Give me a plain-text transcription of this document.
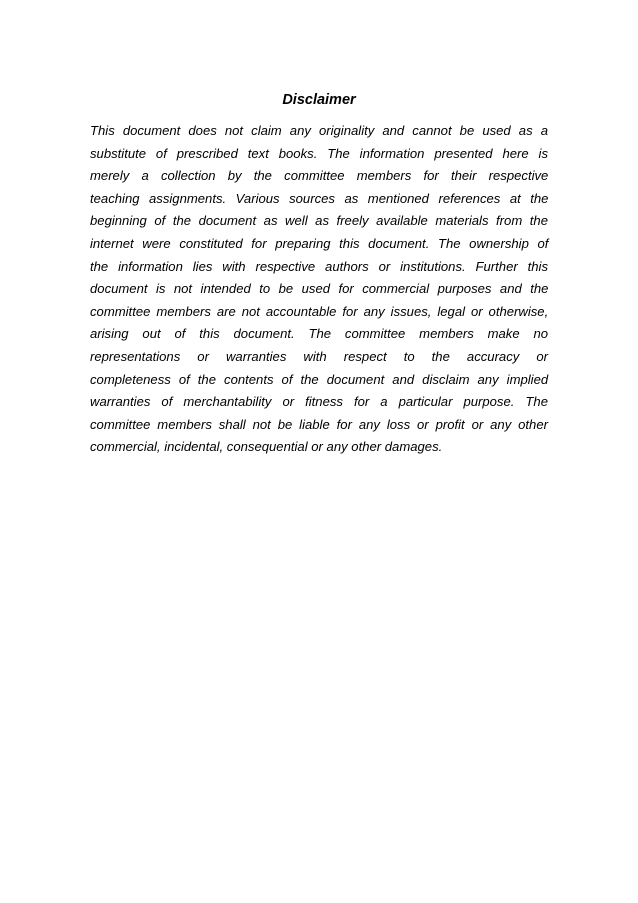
Disclaimer
This document does not claim any originality and cannot be used as a
substitute of prescribed text books. The information presented here is
merely a collection by the committee members for their respective
teaching assignments. Various sources as mentioned references at the
beginning of the document as well as freely available materials from the
internet were constituted for preparing this document. The ownership of
the information lies with respective authors or institutions. Further this
document is not intended to be used for commercial purposes and the
committee members are not accountable for any issues, legal or otherwise,
arising out of this document. The committee members make no
representations or warranties with respect to the accuracy or
completeness of the contents of the document and disclaim any implied
warranties of merchantability or fitness for a particular purpose. The
committee members shall not be liable for any loss or profit or any other
commercial, incidental, consequential or any other damages.
